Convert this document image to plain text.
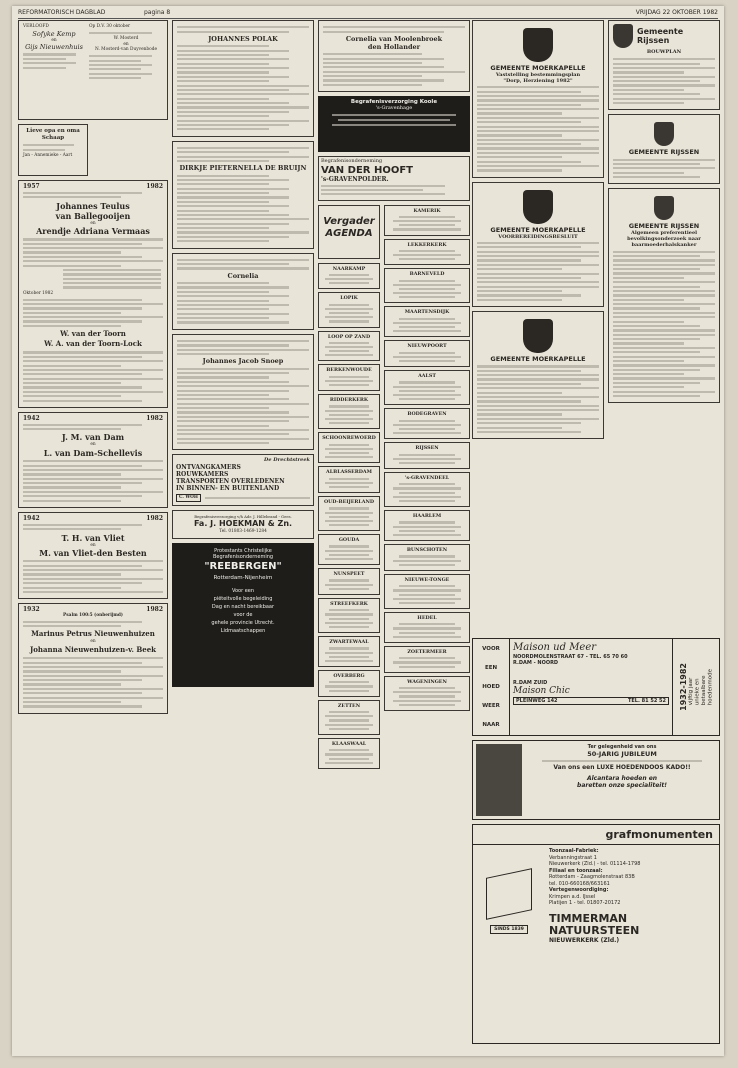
REFORMATORISCH DAGBLAD	pagina 8	VRIJDAG 22 OKTOBER 1982
VERLOOFD
Sofyke Kemp
en
Gijs Nieuwenhuis
Op D.V. 30 oktober
W. Mosterd
en
N. Mosterd-van Duyvenbode
Lieve opa en oma Schaap
Jan - Annemieke - Aart
1957	1982
Johannes Teulus
van Ballegooijen
en
Arendje Adriana Vermaas
Oktober 1982
W. van der Toorn
W. A. van der Toorn-Lock
1942	1982
J. M. van Dam
en
L. van Dam-Schellevis
1942	1982
T. H. van Vliet
en
M. van Vliet-den Besten
1932	1982
Psalm 100:5 (onberijmd)
Marinus Petrus Nieuwenhuizen
en
Johanna Nieuwenhuizen-v. Beek
JOHANNES POLAK
DIRKJE PIETERNELLA DE BRUIJN
Cornelia
Johannes Jacob Snoep
De Drechtstreek
ONTVANGKAMERS
ROUWKAMERS
TRANSPORTEN OVERLEDENEN
IN BINNEN- EN BUITENLAND
C. WOH
Begrafenisverzorging v/h Adr. J. Hillebrand - Gees.
Fa. J. HOEKMAN & Zn.
Tel. 01803-1469-1284
Protestants Christelijke
Begrafenisonderneming
"REEBERGEN"
Rotterdam-Nijenheim
Voor een
piëteitvolle begeleiding
Dag en nacht bereikbaar
voor de
gehele provincie Utrecht.
Lidmaatschappen
Cornelia van Moolenbroek
den Hollander
Begrafenisverzorging Koole
's-Gravenhage
Begrafenisonderneming
VAN DER HOOFT
's-GRAVENPOLDER.
Vergader AGENDA
NAARKAMP
LOPIK
LOOP OP ZAND
BERKENWOUDE
RIDDERKERK
SCHOONREWOERD
ALBLASSERDAM
OUD-BEIJERLAND
GOUDA
NUNSPEET
STREEFKERK
ZWARTEWAAL
OVERBERG
ZETTEN
KLAASWAAL
KAMERIK
LEKKERKERK
BARNEVELD
MAARTENSDIJK
NIEUWPOORT
AALST
BODEGRAVEN
RIJSSEN
's-GRAVENDEEL
HAARLEM
BUNSCHOTEN
NIEUWE-TONGE
HEDEL
ZOETERMEER
WAGENINGEN
GEMEENTE MOERKAPELLE
Vaststelling bestemmingsplan
"Dorp, Herziening 1982"
GEMEENTE MOERKAPELLE
VOORBEREIDINGSBESLUIT
GEMEENTE MOERKAPELLE
Gemeente
Rijssen
BOUWPLAN
GEMEENTE RIJSSEN
GEMEENTE RIJSSEN
Algemeen preferentieel
bevolkingsonderzoek naar
baarmoederhalskanker
VOOR
EEN
HOED
WEER
NAAR
Maison ud Meer
NOORDMOLENSTRAAT 67 - TEL. 65 70 60
R.DAM - NOORD
R.DAM ZUID
Maison Chic
PLEINWEG 142	TEL. 81 52 52 1932-1982 vijftig jaar unieke en betaalbare hoedenmode
Ter gelegenheid van ons
50-JARIG JUBILEUM
Van ons een LUXE HOEDENDOOS KADO!!
Alcantara hoeden en
baretten onze specialiteit!
grafmonumenten
SINDS 1839
Toonzaal-Fabriek:
Verbanningstraat 1
Nieuwerkerk (Zld.) - tel. 01114-1798
Filiaal en toonzaal:
Rotterdam - Zaagmolenstraat 83B
tel. 010-660168/663161
Vertegenwoordiging:
Krimpen a.d. IJssel
Platijen 1 - tel. 01807-20172
TIMMERMAN
NATUURSTEEN
NIEUWERKERK (Zld.)
